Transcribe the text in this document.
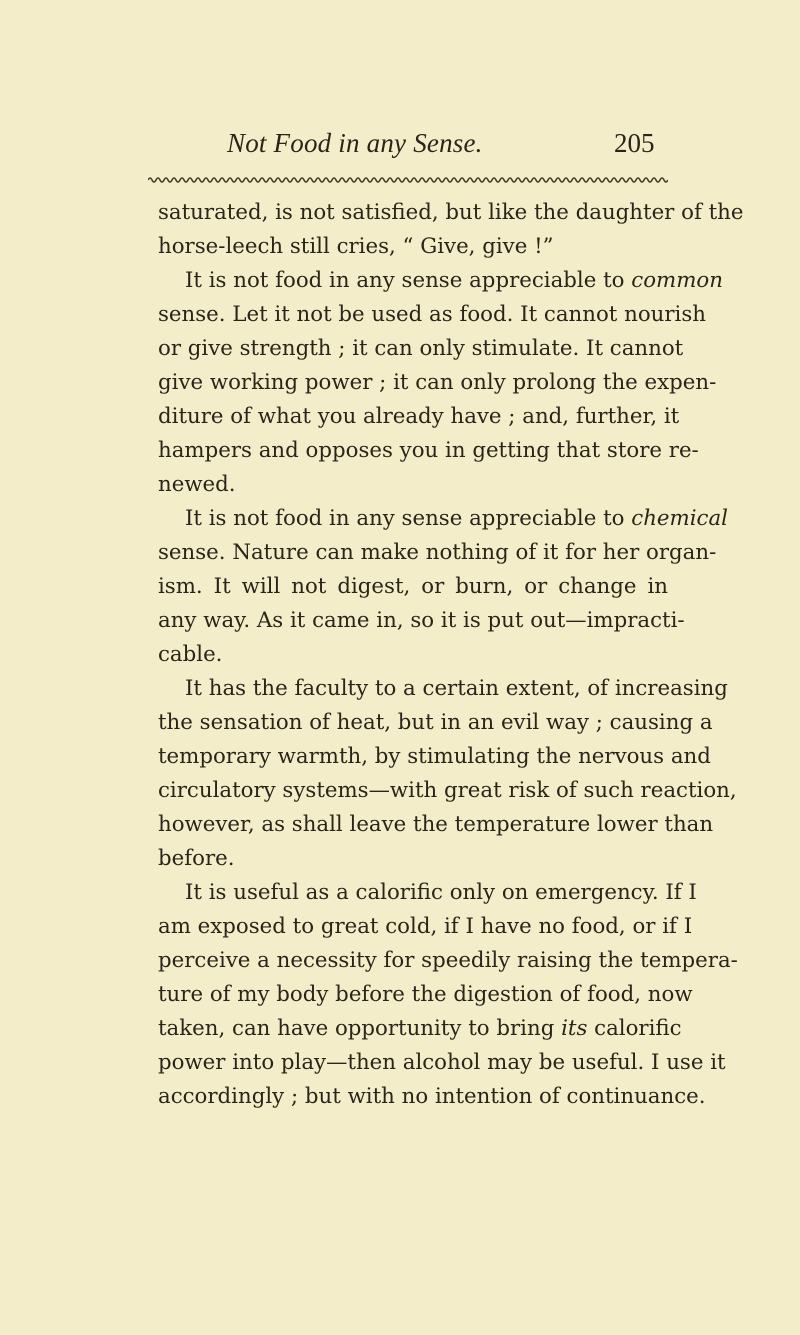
Not Food in any Sense.	205
saturated, is not satisfied, but like the daughter of the
horse-leech still cries, “ Give, give !”
It is not food in any sense appreciable to common
sense. Let it not be used as food. It cannot nourish
or give strength ; it can only stimulate. It cannot
give working power ; it can only prolong the expen-
diture of what you already have ; and, further, it
hampers and opposes you in getting that store re-
newed.
It is not food in any sense appreciable to chemical
sense. Nature can make nothing of it for her organ-
ism. It will not digest, or burn, or change in
any way. As it came in, so it is put out—impracti-
cable.
It has the faculty to a certain extent, of increasing
the sensation of heat, but in an evil way ; causing a
temporary warmth, by stimulating the nervous and
circulatory systems—with great risk of such reaction,
however, as shall leave the temperature lower than
before.
It is useful as a calorific only on emergency. If I
am exposed to great cold, if I have no food, or if I
perceive a necessity for speedily raising the tempera-
ture of my body before the digestion of food, now
taken, can have opportunity to bring its calorific
power into play—then alcohol may be useful. I use it
accordingly ; but with no intention of continuance.
